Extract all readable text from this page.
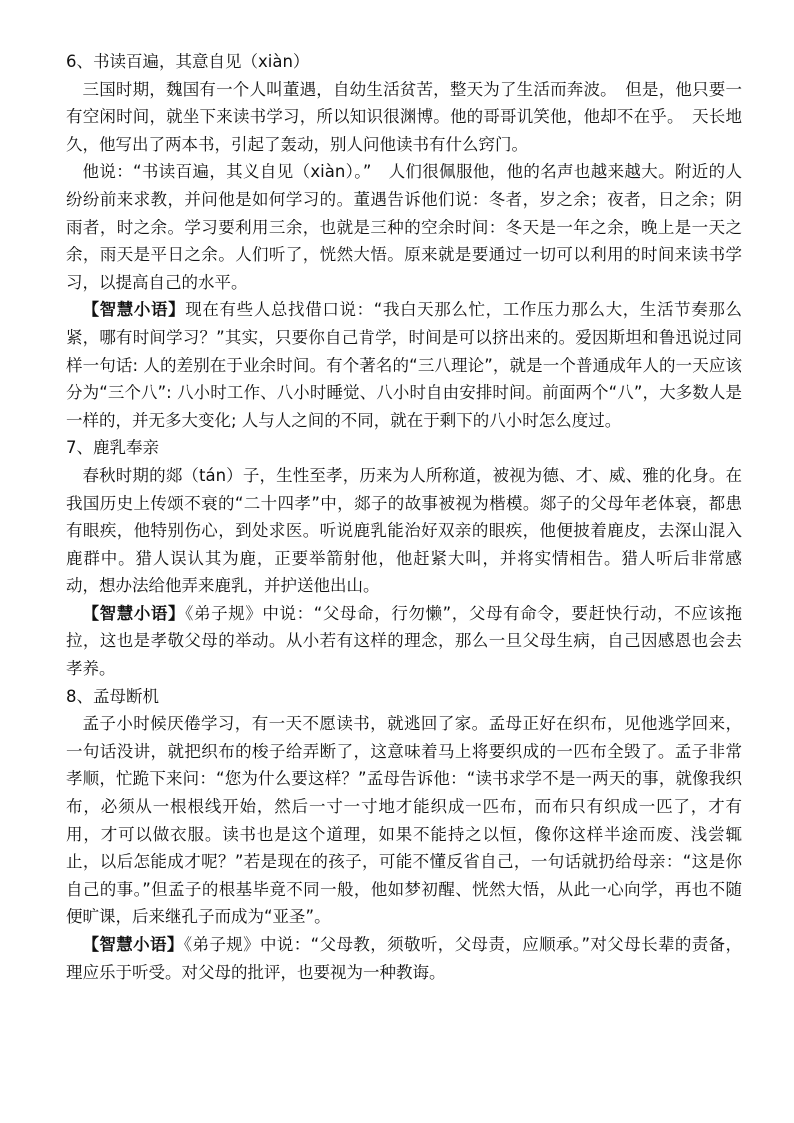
6、书读百遍，其意自见（xiàn）

三国时期，魏国有一个人叫董遇，自幼生活贫苦，整天为了生活而奔波。　但是，他只要一有空闲时间，就坐下来读书学习，所以知识很渊博。他的哥哥讥笑他，他却不在乎。　天长地久，他写出了两本书，引起了轰动，别人问他读书有什么窍门。

他说：“书读百遍，其义自见（xiàn）。”　人们很佩服他，他的名声也越来越大。附近的人纷纷前来求教，并问他是如何学习的。董遇告诉他们说：冬者，岁之余；夜者，日之余；阴雨者，时之余。学习要利用三余，也就是三种的空余时间：冬天是一年之余，晚上是一天之余，雨天是平日之余。人们听了，恍然大悟。原来就是要通过一切可以利用的时间来读书学习，以提高自己的水平。

【智慧小语】现在有些人总找借口说：“我白天那么忙，工作压力那么大，生活节奏那么紧，哪有时间学习？”其实，只要你自己肯学，时间是可以挤出来的。爱因斯坦和鲁迅说过同样一句话: 人的差别在于业余时间。有个著名的“三八理论”，就是一个普通成年人的一天应该分为“三个八”: 八小时工作、八小时睡觉、八小时自由安排时间。前面两个“八”，大多数人是一样的，并无多大变化; 人与人之间的不同，就在于剩下的八小时怎么度过。

7、鹿乳奉亲

春秋时期的郯（tán）子，生性至孝，历来为人所称道，被视为德、才、威、雅的化身。在我国历史上传颂不衰的“二十四孝”中，郯子的故事被视为楷模。郯子的父母年老体衰，都患有眼疾，他特别伤心，到处求医。听说鹿乳能治好双亲的眼疾，他便披着鹿皮，去深山混入鹿群中。猎人误认其为鹿，正要举箭射他，他赶紧大叫，并将实情相告。猎人听后非常感动，想办法给他弄来鹿乳，并护送他出山。

【智慧小语】《弟子规》中说：“父母命，行勿懒”，父母有命令，要赶快行动，不应该拖拉，这也是孝敬父母的举动。从小若有这样的理念，那么一旦父母生病，自己因感恩也会去孝养。

8、孟母断机

孟子小时候厌倦学习，有一天不愿读书，就逃回了家。孟母正好在织布，见他逃学回来，一句话没讲，就把织布的梭子给弄断了，这意味着马上将要织成的一匹布全毁了。孟子非常孝顺，忙跪下来问：“您为什么要这样？”孟母告诉他：“读书求学不是一两天的事，就像我织布，必须从一根根线开始，然后一寸一寸地才能织成一匹布，而布只有织成一匹了，才有用，才可以做衣服。读书也是这个道理，如果不能持之以恒，像你这样半途而废、浅尝辄止，以后怎能成才呢？”若是现在的孩子，可能不懂反省自己，一句话就扔给母亲：“这是你自己的事。”但孟子的根基毕竟不同一般，他如梦初醒、恍然大悟，从此一心向学，再也不随便旷课，后来继孔子而成为“亚圣”。

【智慧小语】《弟子规》中说：“父母教，须敬听，父母责，应顺承。”对父母长辈的责备，理应乐于听受。对父母的批评，也要视为一种教诲。
